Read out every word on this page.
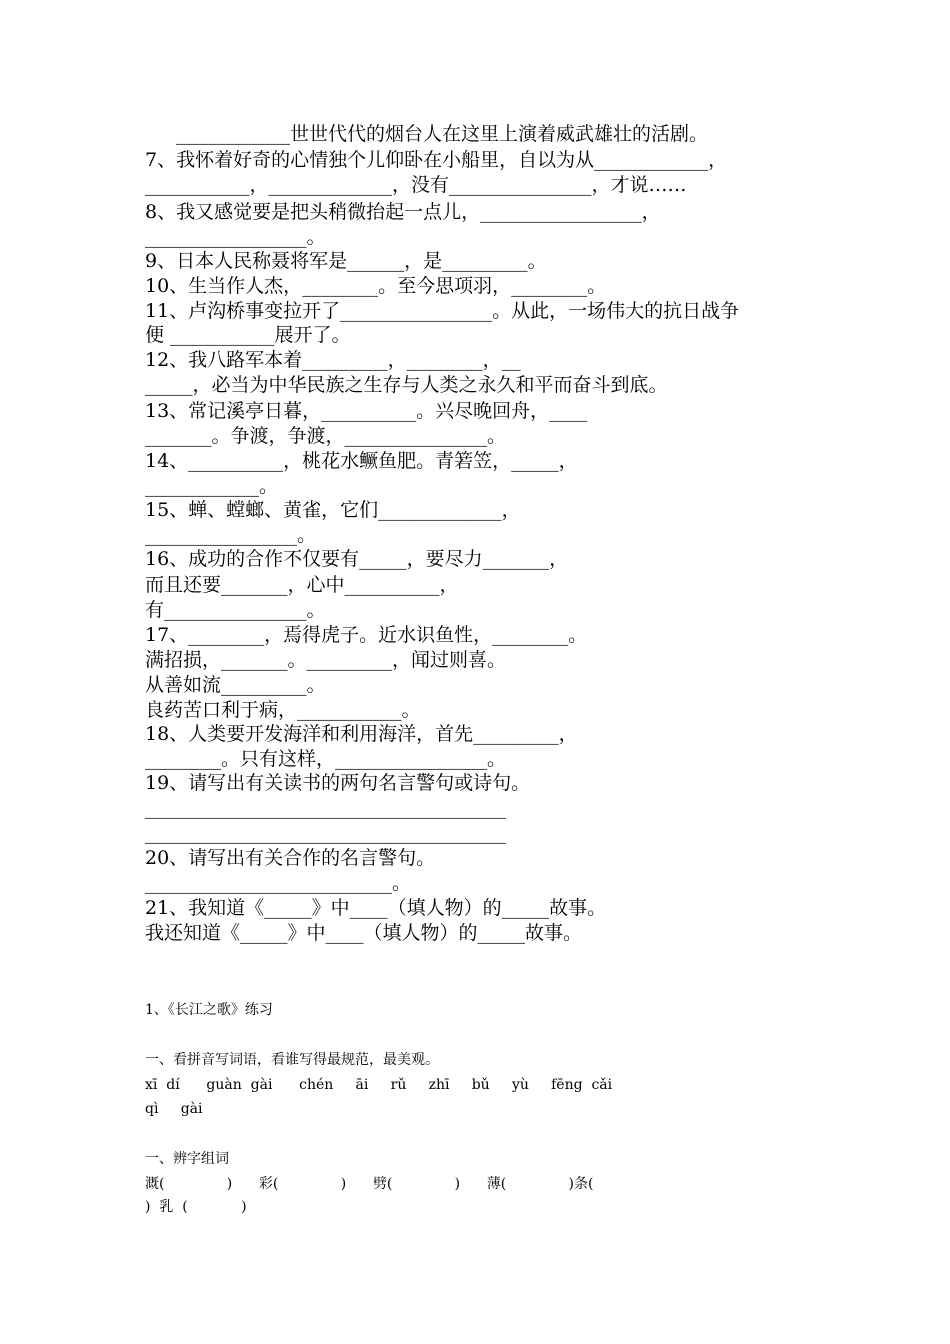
____________世世代代的烟台人在这里上演着威武雄壮的活剧。
7、我怀着好奇的心情独个儿仰卧在小船里，自以为从____________，
___________，_____________，没有_______________，才说……
8、我又感觉要是把头稍微抬起一点儿，_________________，
_________________。
9、日本人民称聂将军是______，是_________。
10、生当作人杰，________。至今思项羽，________。
11、卢沟桥事变拉开了________________。从此，一场伟大的抗日战争
便 ___________展开了。
12、我八路军本着_________，________，__
_____，必当为中华民族之生存与人类之永久和平而奋斗到底。
13、常记溪亭日暮，__________。兴尽晚回舟，____
_______。争渡，争渡，_______________。
14、__________，桃花水鳜鱼肥。青箬笠，_____，
____________。
15、蝉、螳螂、黄雀，它们_____________，
________________。
16、成功的合作不仅要有_____，要尽力_______，
而且还要_______，心中__________，
有_______________。
17、________，焉得虎子。近水识鱼性，________。
满招损，_______。_________，闻过则喜。
从善如流_________。
良药苦口利于病，___________。
18、人类要开发海洋和利用海洋，首先_________，
________。只有这样，________________。
19、请写出有关读书的两句名言警句或诗句。
______________________________________
______________________________________
20、请写出有关合作的名言警句。
__________________________。
21、我知道《_____》中____（填人物）的_____故事。
我还知道《_____》中____（填人物）的_____故事。
1、《长江之歌》练习
一、看拼音写词语，看谁写得最规范，最美观。
xī  dí      guàn  gài      chén     āi     rǔ     zhī     bǔ     yù     fēng  cǎi
qì     gài
一、辨字组词
溉(              )      彩(              )      劈(              )      薄(              )条(
)  乳  (            )
